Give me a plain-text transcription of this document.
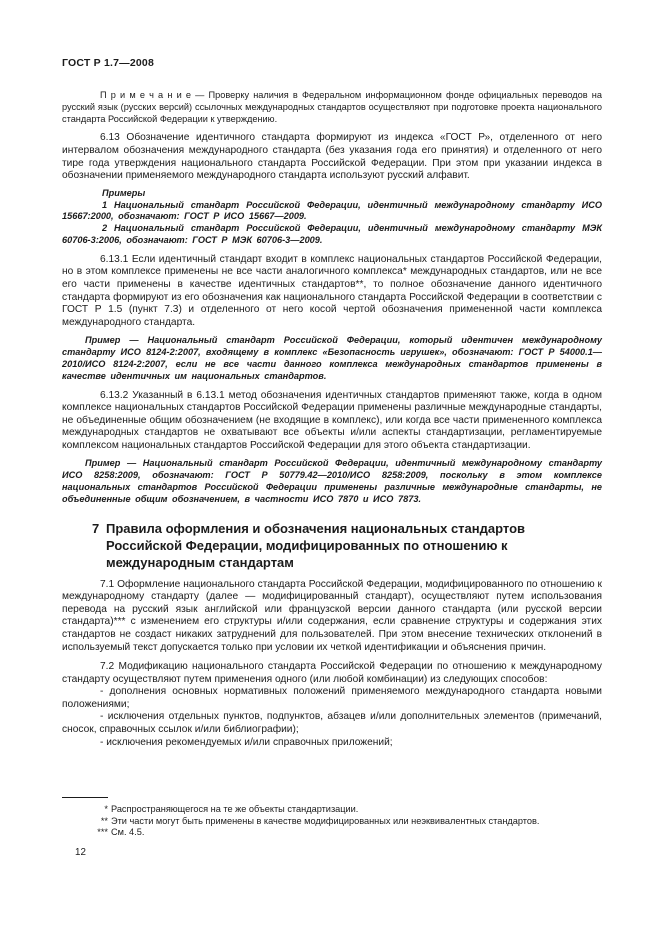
ГОСТ Р 1.7—2008

П р и м е ч а н и е — Проверку наличия в Федеральном информационном фонде официальных переводов на русский язык (русских версий) ссылочных международных стандартов осуществляют при подготовке проекта национального стандарта Российской Федерации к утверждению.

6.13 Обозначение идентичного стандарта формируют из индекса «ГОСТ Р», отделенного от него интервалом обозначения международного стандарта (без указания года его принятия) и отделенного от него тире года утверждения национального стандарта Российской Федерации. При этом при указании индекса в обозначении применяемого международного стандарта используют русский алфавит.

Примеры

1 Национальный стандарт Российской Федерации, идентичный международному стандарту ИСО 15667:2000, обозначают: ГОСТ Р ИСО 15667—2009.

2 Национальный стандарт Российской Федерации, идентичный международному стандарту МЭК 60706-3:2006, обозначают: ГОСТ Р МЭК 60706-3—2009.

6.13.1 Если идентичный стандарт входит в комплекс национальных стандартов Российской Федерации, но в этом комплексе применены не все части аналогичного комплекса* международных стандартов, или не все его части применены в качестве идентичных стандартов**, то полное обозначение данного идентичного стандарта формируют из его обозначения как национального стандарта Российской Федерации в соответствии с ГОСТ Р 1.5 (пункт 7.3) и отделенного от него косой чертой обозначения примененной части комплекса международного стандарта.

Пример — Национальный стандарт Российской Федерации, который идентичен международному стандарту ИСО 8124-2:2007, входящему в комплекс «Безопасность игрушек», обозначают: ГОСТ Р 54000.1—2010/ИСО 8124-2:2007, если не все части данного комплекса международных стандартов применены в качестве идентичных им национальных стандартов.

6.13.2 Указанный в 6.13.1 метод обозначения идентичных стандартов применяют также, когда в одном комплексе национальных стандартов Российской Федерации применены различные международные стандарты, не объединенные общим обозначением (не входящие в комплекс), или когда все части примененного комплекса международных стандартов не охватывают все объекты и/или аспекты стандартизации, регламентируемые комплексом национальных стандартов Российской Федерации для этого объекта стандартизации.

Пример — Национальный стандарт Российской Федерации, идентичный международному стандарту ИСО 8258:2009, обозначают: ГОСТ Р 50779.42—2010/ИСО 8258:2009, поскольку в этом комплексе национальных стандартов Российской Федерации применены различные международные стандарты, не объединенные общим обозначением, в частности ИСО 7870 и ИСО 7873.

7 Правила оформления и обозначения национальных стандартов Российской Федерации, модифицированных по отношению к международным стандартам

7.1 Оформление национального стандарта Российской Федерации, модифицированного по отношению к международному стандарту (далее — модифицированный стандарт), осуществляют путем использования перевода на русский язык английской или французской версии данного стандарта (или русской версии стандарта)*** с изменением его структуры и/или содержания, если сравнение структуры и содержания этих стандартов не создаст никаких затруднений для пользователей. При этом внесение технических отклонений в используемый текст допускается только при условии их четкой идентификации и объяснения причин.

7.2 Модификацию национального стандарта Российской Федерации по отношению к международному стандарту осуществляют путем применения одного (или любой комбинации) из следующих способов:

- дополнения основных нормативных положений применяемого международного стандарта новыми положениями;

- исключения отдельных пунктов, подпунктов, абзацев и/или дополнительных элементов (примечаний, сносок, справочных ссылок и/или библиографии);

- исключения рекомендуемых и/или справочных приложений;

* Распространяющегося на те же объекты стандартизации.
** Эти части могут быть применены в качестве модифицированных или неэквивалентных стандартов.
*** См. 4.5.
12
